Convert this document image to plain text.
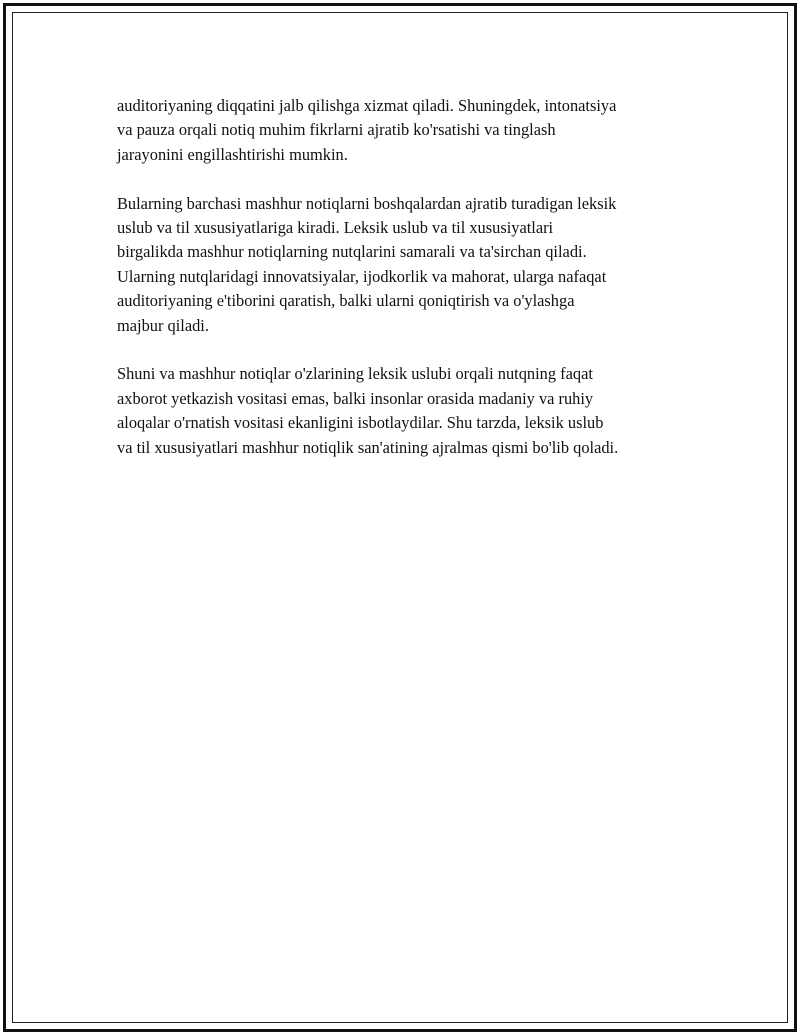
auditoriyaning diqqatini jalb qilishga xizmat qiladi. Shuningdek, intonatsiya
va pauza orqali notiq muhim fikrlarni ajratib ko'rsatishi va tinglash
jarayonini engillashtirishi mumkin.

Bularning barchasi mashhur notiqlarni boshqalardan ajratib turadigan leksik
uslub va til xususiyatlariga kiradi. Leksik uslub va til xususiyatlari
birgalikda mashhur notiqlarning nutqlarini samarali va ta'sirchan qiladi.
Ularning nutqlaridagi innovatsiyalar, ijodkorlik va mahorat, ularga nafaqat
auditoriyaning e'tiborini qaratish, balki ularni qoniqtirish va o'ylashga
majbur qiladi.

Shuni va mashhur notiqlar o'zlarining leksik uslubi orqali nutqning faqat
axborot yetkazish vositasi emas, balki insonlar orasida madaniy va ruhiy
aloqalar o'rnatish vositasi ekanligini isbotlaydilar. Shu tarzda, leksik uslub
va til xususiyatlari mashhur notiqlik san'atining ajralmas qismi bo'lib qoladi.
